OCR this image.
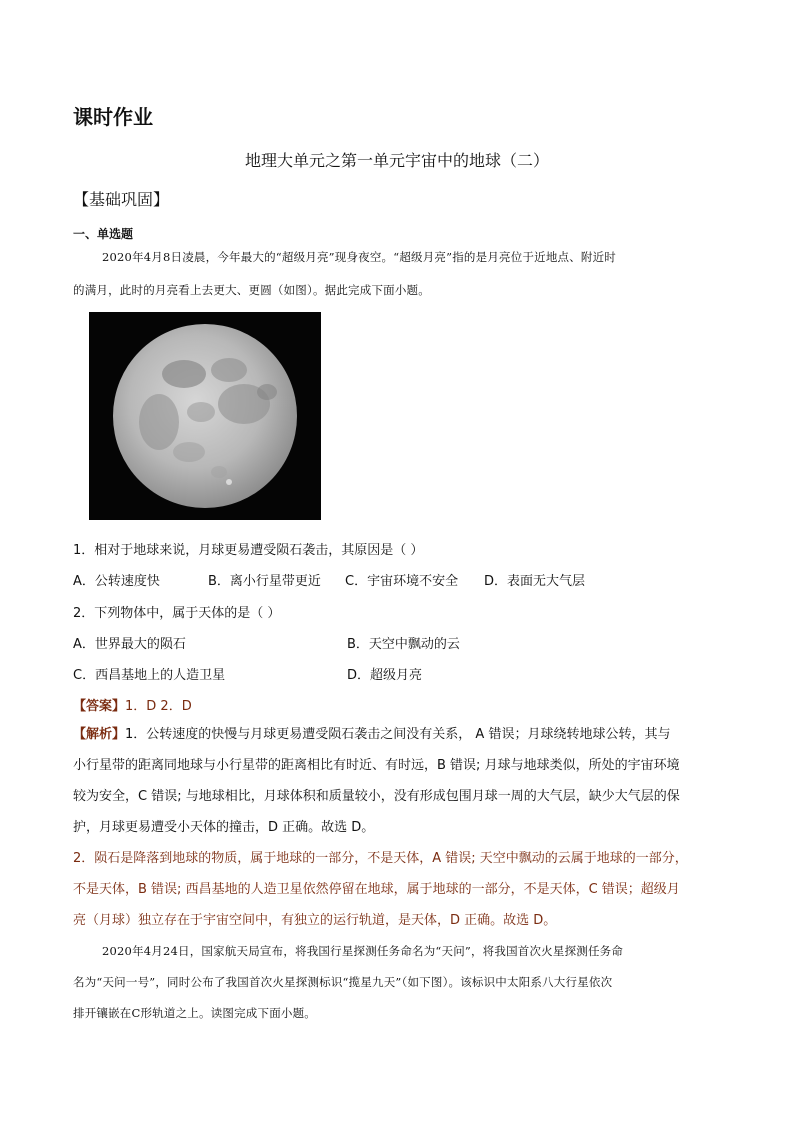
课时作业
地理大单元之第一单元宇宙中的地球（二）
【基础巩固】
一、单选题
2020年4月8日凌晨，今年最大的“超级月亮”现身夜空。“超级月亮”指的是月亮位于近地点、附近时
的满月，此时的月亮看上去更大、更圆（如图）。据此完成下面小题。
1．相对于地球来说，月球更易遭受陨石袭击，其原因是（ ）
A．公转速度快	B．离小行星带更近 C．宇宙环境不安全 D．表面无大气层
2．下列物体中，属于天体的是（ ）
A．世界最大的陨石	B．天空中飘动的云
C．西昌基地上的人造卫星	D．超级月亮
【答案】1．D 2．D
【解析】1．公转速度的快慢与月球更易遭受陨石袭击之间没有关系， A 错误；月球绕转地球公转，其与
小行星带的距离同地球与小行星带的距离相比有时近、有时远，B 错误; 月球与地球类似，所处的宇宙环境
较为安全，C 错误; 与地球相比，月球体积和质量较小，没有形成包围月球一周的大气层，缺少大气层的保
护，月球更易遭受小天体的撞击，D 正确。故选 D。
2．陨石是降落到地球的物质，属于地球的一部分，不是天体，A 错误; 天空中飘动的云属于地球的一部分，
不是天体，B 错误; 西昌基地的人造卫星依然停留在地球，属于地球的一部分，不是天体，C 错误；超级月
亮（月球）独立存在于宇宙空间中，有独立的运行轨道，是天体，D 正确。故选 D。
2020年4月24日，国家航天局宣布，将我国行星探测任务命名为“天问”，将我国首次火星探测任务命
名为“天问一号”，同时公布了我国首次火星探测标识“揽星九天”（如下图）。该标识中太阳系八大行星依次
排开镶嵌在C形轨道之上。读图完成下面小题。
